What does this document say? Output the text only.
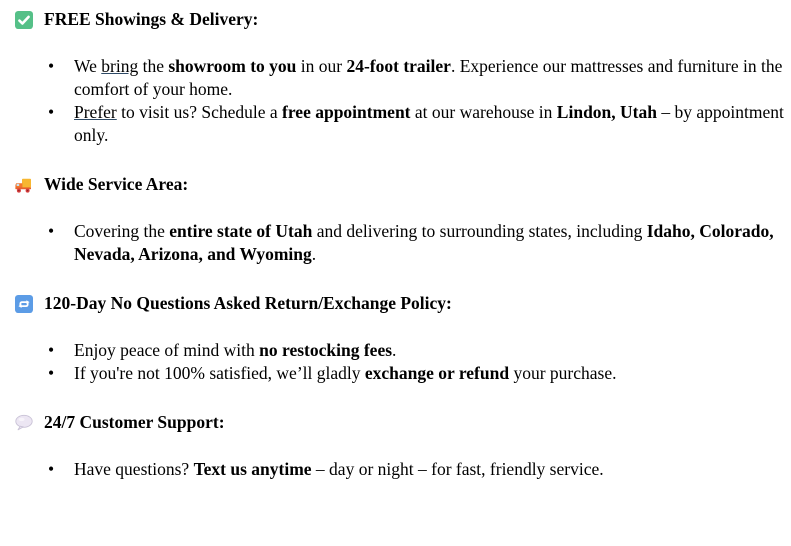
FREE Showings & Delivery:
• We bring the showroom to you in our 24-foot trailer. Experience our mattresses and furniture in the comfort of your home.
• Prefer to visit us? Schedule a free appointment at our warehouse in Lindon, Utah – by appointment only.
Wide Service Area:
• Covering the entire state of Utah and delivering to surrounding states, including Idaho, Colorado, Nevada, Arizona, and Wyoming.
120-Day No Questions Asked Return/Exchange Policy:
• Enjoy peace of mind with no restocking fees.
• If you're not 100% satisfied, we’ll gladly exchange or refund your purchase.
24/7 Customer Support:
• Have questions? Text us anytime – day or night – for fast, friendly service.
